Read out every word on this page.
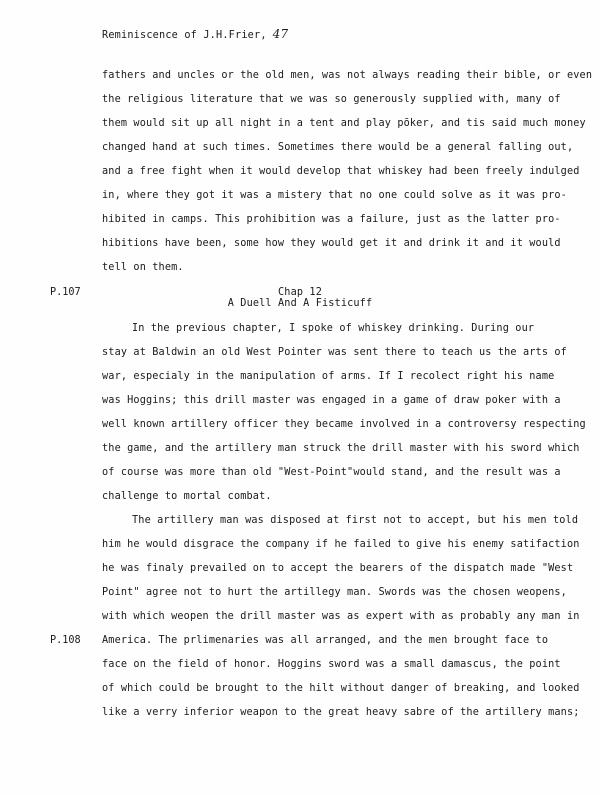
Reminiscence of J.H.Frier, 47
fathers and uncles or the old men, was not always reading their bible, or even
the religious literature that we was so generously supplied with, many of
them would sit up all night in a tent and play pōker, and tis said much money
changed hand at such times. Sometimes there would be a general falling out,
and a free fight when it would develop that whiskey had been freely indulged
in, where they got it was a mistery that no one could solve as it was pro-
hibited in camps. This prohibition was a failure, just as the latter pro-
hibitions have been, some how they would get it and drink it and it would
tell on them.
P.107	Chap 12
A Duell And A Fisticuff
In the previous chapter, I spoke of whiskey drinking. During our
stay at Baldwin an old West Pointer was sent there to teach us the arts of
war, especialy in the manipulation of arms. If I recolect right his name
was Hoggins; this drill master was engaged in a game of draw poker with a
well known artillery officer they became involved in a controversy respecting
the game, and the artillery man struck the drill master with his sword which
of course was more than old "West-Point"would stand, and the result was a
challenge to mortal combat.
The artillery man was disposed at first not to accept, but his men told
him he would disgrace the company if he failed to give his enemy satifaction
he was finaly prevailed on to accept the bearers of the dispatch made "West
Point" agree not to hurt the artillegy man. Swords was the chosen weopens,
with which weopen the drill master was as expert with as probably any man in
P.108 America. The prlimenaries was all arranged, and the men brought face to
face on the field of honor. Hoggins sword was a small damascus, the point
of which could be brought to the hilt without danger of breaking, and looked
like a verry inferior weapon to the great heavy sabre of the artillery mans;
